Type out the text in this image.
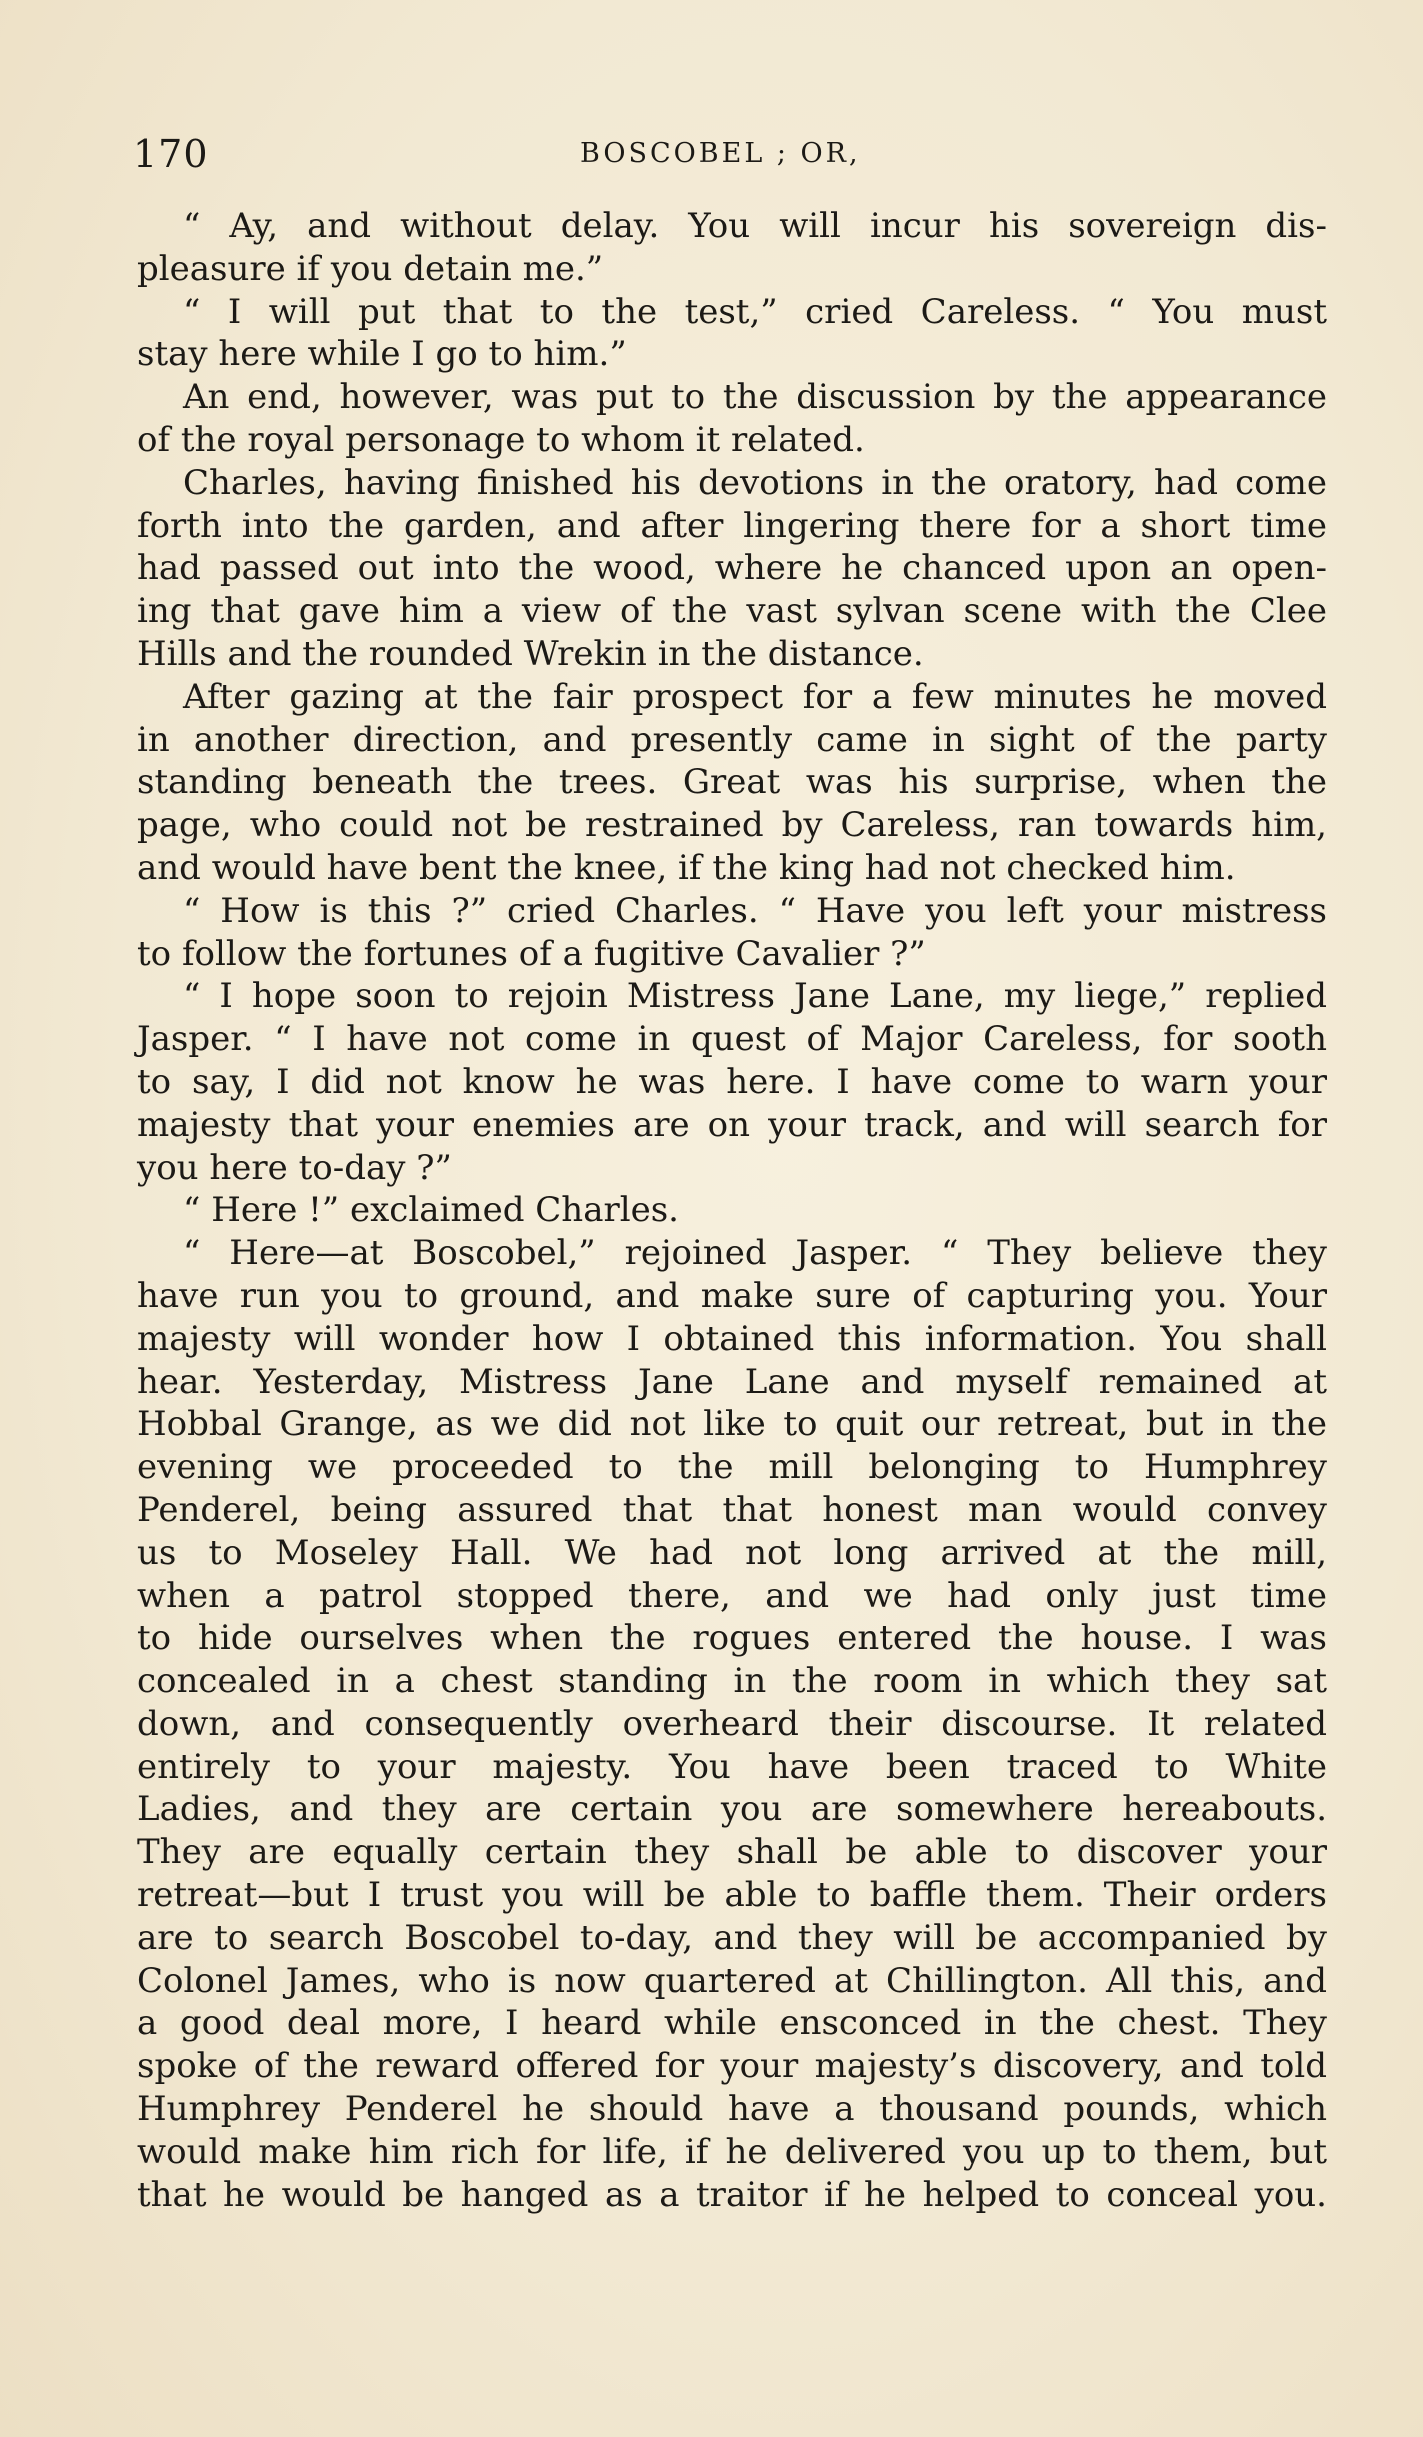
170	BOSCOBEL ; OR,
“ Ay, and without delay. You will incur his sovereign dis-
pleasure if you detain me.”
“ I will put that to the test,” cried Careless. “ You must
stay here while I go to him.”
An end, however, was put to the discussion by the appearance
of the royal personage to whom it related.
Charles, having finished his devotions in the oratory, had come
forth into the garden, and after lingering there for a short time
had passed out into the wood, where he chanced upon an open-
ing that gave him a view of the vast sylvan scene with the Clee
Hills and the rounded Wrekin in the distance.
After gazing at the fair prospect for a few minutes he moved
in another direction, and presently came in sight of the party
standing beneath the trees. Great was his surprise, when the
page, who could not be restrained by Careless, ran towards him,
and would have bent the knee, if the king had not checked him.
“ How is this ?” cried Charles. “ Have you left your mistress
to follow the fortunes of a fugitive Cavalier ?”
“ I hope soon to rejoin Mistress Jane Lane, my liege,” replied
Jasper. “ I have not come in quest of Major Careless, for sooth
to say, I did not know he was here. I have come to warn your
majesty that your enemies are on your track, and will search for
you here to-day ?”
“ Here !” exclaimed Charles.
“ Here—at Boscobel,” rejoined Jasper. “ They believe they
have run you to ground, and make sure of capturing you. Your
majesty will wonder how I obtained this information. You shall
hear. Yesterday, Mistress Jane Lane and myself remained at
Hobbal Grange, as we did not like to quit our retreat, but in the
evening we proceeded to the mill belonging to Humphrey
Penderel, being assured that that honest man would convey
us to Moseley Hall. We had not long arrived at the mill,
when a patrol stopped there, and we had only just time
to hide ourselves when the rogues entered the house. I was
concealed in a chest standing in the room in which they sat
down, and consequently overheard their discourse. It related
entirely to your majesty. You have been traced to White
Ladies, and they are certain you are somewhere hereabouts.
They are equally certain they shall be able to discover your
retreat—but I trust you will be able to baffle them. Their orders
are to search Boscobel to-day, and they will be accompanied by
Colonel James, who is now quartered at Chillington. All this, and
a good deal more, I heard while ensconced in the chest. They
spoke of the reward offered for your majesty’s discovery, and told
Humphrey Penderel he should have a thousand pounds, which
would make him rich for life, if he delivered you up to them, but
that he would be hanged as a traitor if he helped to conceal you.
